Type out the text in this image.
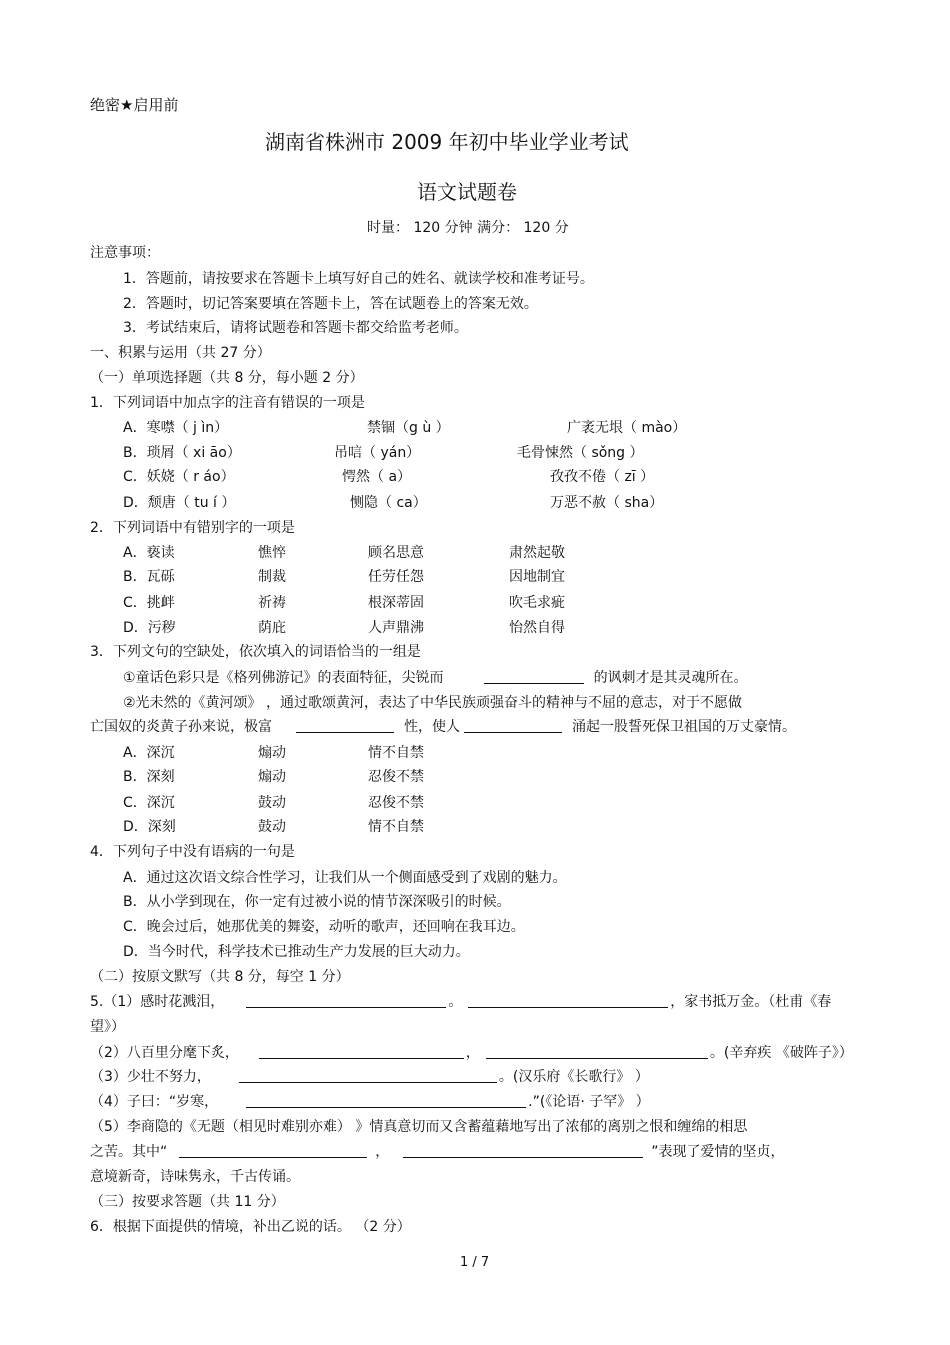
绝密★启用前
湖南省株洲市 2009 年初中毕业学业考试
语文试题卷
时量： 120 分钟 满分： 120 分
注意事项：
1．答题前，请按要求在答题卡上填写好自己的姓名、就读学校和准考证号。
2．答题时，切记答案要填在答题卡上，答在试题卷上的答案无效。
3．考试结束后，请将试题卷和答题卡都交给监考老师。
一、积累与运用（共 27 分）
（一）单项选择题（共 8 分，每小题 2 分）
1．下列词语中加点字的注音有错误的一项是
A．寒噤（ j ìn）	禁锢（g ù ）	广袤无垠（ mào）
B．琐屑（ xi āo）	吊唁（ yán）	毛骨悚然（ sǒng ）
C．妖娆（ r áo）	愕然（ a）	孜孜不倦（ zī ）
D．颓唐（ tu í ）	恻隐（ ca）	万恶不赦（ sha）
2．下列词语中有错别字的一项是
A．亵读	憔悴	顾名思意	肃然起敬
B．瓦砾	制裁	任劳任怨	因地制宜
C．挑衅	祈祷	根深蒂固	吹毛求疵
D．污秽	荫庇	人声鼎沸	怡然自得
3．下列文句的空缺处，依次填入的词语恰当的一组是
①童话色彩只是《格列佛游记》的表面特征，尖锐而	的讽刺才是其灵魂所在。
②光未然的《黄河颂》 ，通过歌颂黄河，表达了中华民族顽强奋斗的精神与不屈的意志，对于不愿做
亡国奴的炎黄子孙来说，极富	性，使人	涌起一股誓死保卫祖国的万丈豪情。
A．深沉	煽动	情不自禁
B．深刻	煽动	忍俊不禁
C．深沉	鼓动	忍俊不禁
D．深刻	鼓动	情不自禁
4．下列句子中没有语病的一句是
A．通过这次语文综合性学习，让我们从一个侧面感受到了戏剧的魅力。
B．从小学到现在，你一定有过被小说的情节深深吸引的时候。
C．晚会过后，她那优美的舞姿，动听的歌声，还回响在我耳边。
D．当今时代，科学技术已推动生产力发展的巨大动力。
（二）按原文默写（共 8 分，每空 1 分）
5.（1）感时花溅泪，	。	，家书抵万金。（杜甫《春
望》）
（2）八百里分麾下炙，	，	。(辛弃疾 《破阵子》）
（3）少壮不努力，	。(汉乐府《长歌行》 ）
（4）子曰：“岁寒，	.”(《论语· 子罕》 ）
（5）李商隐的《无题（相见时难别亦难） 》情真意切而又含蓄蕴藉地写出了浓郁的离别之恨和缠绵的相思
之苦。其中“	，	”表现了爱情的坚贞，
意境新奇，诗味隽永，千古传诵。
（三）按要求答题（共 11 分）
6．根据下面提供的情境，补出乙说的话。 （2 分）
1 / 7
